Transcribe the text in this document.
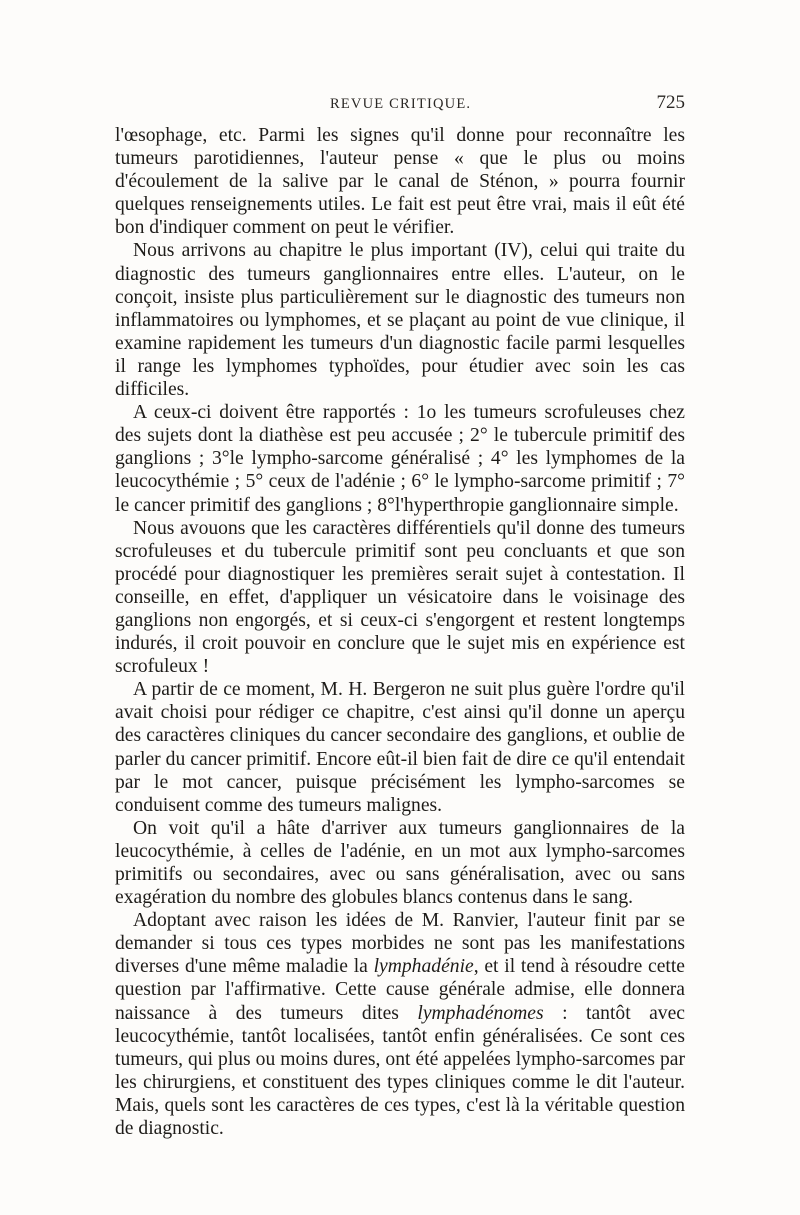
REVUE CRITIQUE.	725

l'œsophage, etc. Parmi les signes qu'il donne pour reconnaître les tumeurs parotidiennes, l'auteur pense « que le plus ou moins d'écoulement de la salive par le canal de Sténon, » pourra fournir quelques renseignements utiles. Le fait est peut être vrai, mais il eût été bon d'indiquer comment on peut le vérifier.

Nous arrivons au chapitre le plus important (IV), celui qui traite du diagnostic des tumeurs ganglionnaires entre elles. L'auteur, on le conçoit, insiste plus particulièrement sur le diagnostic des tumeurs non inflammatoires ou lymphomes, et se plaçant au point de vue clinique, il examine rapidement les tumeurs d'un diagnostic facile parmi lesquelles il range les lymphomes typhoïdes, pour étudier avec soin les cas difficiles.

A ceux-ci doivent être rapportés : 1o les tumeurs scrofuleuses chez des sujets dont la diathèse est peu accusée ; 2° le tubercule primitif des ganglions ; 3°le lympho-sarcome généralisé ; 4° les lymphomes de la leucocythémie ; 5° ceux de l'adénie ; 6° le lympho-sarcome primitif ; 7° le cancer primitif des ganglions ; 8°l'hyperthropie ganglionnaire simple.

Nous avouons que les caractères différentiels qu'il donne des tumeurs scrofuleuses et du tubercule primitif sont peu concluants et que son procédé pour diagnostiquer les premières serait sujet à contestation. Il conseille, en effet, d'appliquer un vésicatoire dans le voisinage des ganglions non engorgés, et si ceux-ci s'engorgent et restent longtemps indurés, il croit pouvoir en conclure que le sujet mis en expérience est scrofuleux !

A partir de ce moment, M. H. Bergeron ne suit plus guère l'ordre qu'il avait choisi pour rédiger ce chapitre, c'est ainsi qu'il donne un aperçu des caractères cliniques du cancer secondaire des ganglions, et oublie de parler du cancer primitif. Encore eût-il bien fait de dire ce qu'il entendait par le mot cancer, puisque précisément les lympho-sarcomes se conduisent comme des tumeurs malignes.

On voit qu'il a hâte d'arriver aux tumeurs ganglionnaires de la leucocythémie, à celles de l'adénie, en un mot aux lympho-sarcomes primitifs ou secondaires, avec ou sans généralisation, avec ou sans exagération du nombre des globules blancs contenus dans le sang.

Adoptant avec raison les idées de M. Ranvier, l'auteur finit par se demander si tous ces types morbides ne sont pas les manifestations diverses d'une même maladie la lymphadénie, et il tend à résoudre cette question par l'affirmative. Cette cause générale admise, elle donnera naissance à des tumeurs dites lymphadénomes : tantôt avec leucocythémie, tantôt localisées, tantôt enfin généralisées. Ce sont ces tumeurs, qui plus ou moins dures, ont été appelées lympho-sarcomes par les chirurgiens, et constituent des types cliniques comme le dit l'auteur. Mais, quels sont les caractères de ces types, c'est là la véritable question de diagnostic.
